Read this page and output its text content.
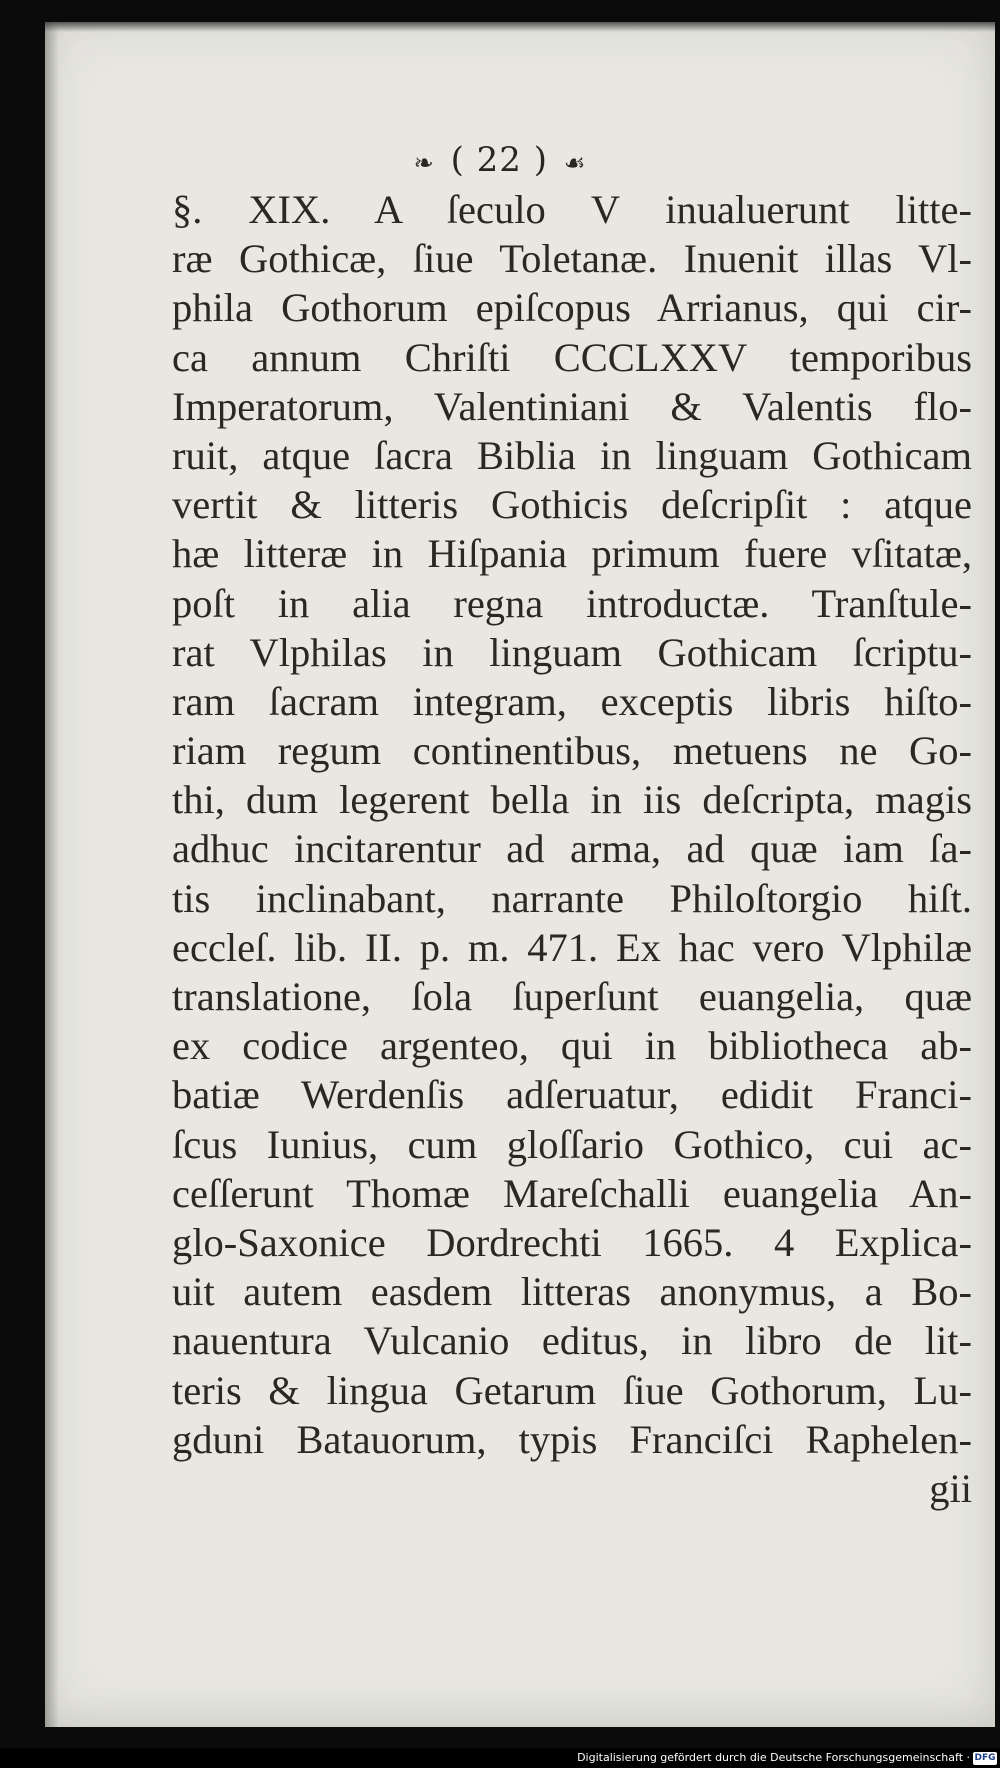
❧ ( 22 ) ☙
§. XIX. A ſeculo V inualuerunt litte-
ræ Gothicæ, ſiue Toletanæ. Inuenit illas Vl-
phila Gothorum epiſcopus Arrianus, qui cir-
ca annum Chriſti CCCLXXV temporibus
Imperatorum, Valentiniani & Valentis flo-
ruit, atque ſacra Biblia in linguam Gothicam
vertit & litteris Gothicis deſcripſit : atque
hæ litteræ in Hiſpania primum fuere vſitatæ,
poſt in alia regna introductæ. Tranſtule-
rat Vlphilas in linguam Gothicam ſcriptu-
ram ſacram integram, exceptis libris hiſto-
riam regum continentibus, metuens ne Go-
thi, dum legerent bella in iis deſcripta, magis
adhuc incitarentur ad arma, ad quæ iam ſa-
tis inclinabant, narrante Philoſtorgio hiſt.
eccleſ. lib. II. p. m. 471. Ex hac vero Vlphilæ
translatione, ſola ſuperſunt euangelia, quæ
ex codice argenteo, qui in bibliotheca ab-
batiæ Werdenſis adſeruatur, edidit Franci-
ſcus Iunius, cum gloſſario Gothico, cui ac-
ceſſerunt Thomæ Mareſchalli euangelia An-
glo-Saxonice Dordrechti 1665. 4 Explica-
uit autem easdem litteras anonymus, a Bo-
nauentura Vulcanio editus, in libro de lit-
teris & lingua Getarum ſiue Gothorum, Lu-
gduni Batauorum, typis Franciſci Raphelen-
gii
Digitalisierung gefördert durch die Deutsche Forschungsgemeinschaft · DFG
